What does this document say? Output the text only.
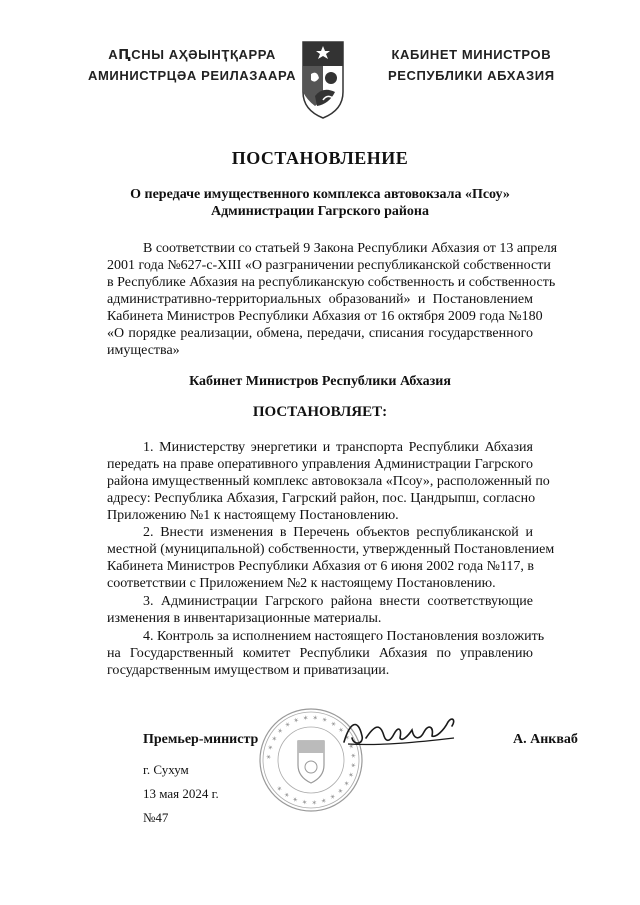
АԤСНЫ АҲӘЫНҬҚАРРА
АМИНИСТРЦӘА РЕИЛАЗААРА
КАБИНЕТ МИНИСТРОВ
РЕСПУБЛИКИ АБХАЗИЯ
ПОСТАНОВЛЕНИЕ
О передаче имущественного комплекса автовокзала «Псоу»
Администрации Гагрского района
В соответствии со статьей 9 Закона Республики Абхазия от 13 апреля
2001 года №627-с-XIII «О разграничении республиканской собственности
в Республике Абхазия на республиканскую собственность и собственность
административно-территориальных образований» и Постановлением
Кабинета Министров Республики Абхазия от 16 октября 2009 года №180
«О порядке реализации, обмена, передачи, списания государственного
имущества»
Кабинет Министров Республики Абхазия
ПОСТАНОВЛЯЕТ:
1. Министерству энергетики и транспорта Республики Абхазия
передать на праве оперативного управления Администрации Гагрского
района имущественный комплекс автовокзала «Псоу», расположенный по
адресу: Республика Абхазия, Гагрский район, пос. Цандрыпш, согласно
Приложению №1 к настоящему Постановлению.
2. Внести изменения в Перечень объектов республиканской и
местной (муниципальной) собственности, утвержденный Постановлением
Кабинета Министров Республики Абхазия от 6 июня 2002 года №117, в
соответствии с Приложением №2 к настоящему Постановлению.
3. Администрации Гагрского района внести соответствующие
изменения в инвентаризационные материалы.
4. Контроль за исполнением настоящего Постановления возложить
на Государственный комитет Республики Абхазия по управлению
государственным имуществом и приватизации.
✶ ✶ ✶ ✶ ✶ ✶ ✶ ✶ ✶ ✶ ✶ ✶ ✶ ✶ ✶ ✶ ✶ ✶ ✶ ✶ ✶ ✶ ✶ ✶ ✶
Премьер-министр	А. Анкваб
г. Сухум
13 мая 2024 г.
№47
